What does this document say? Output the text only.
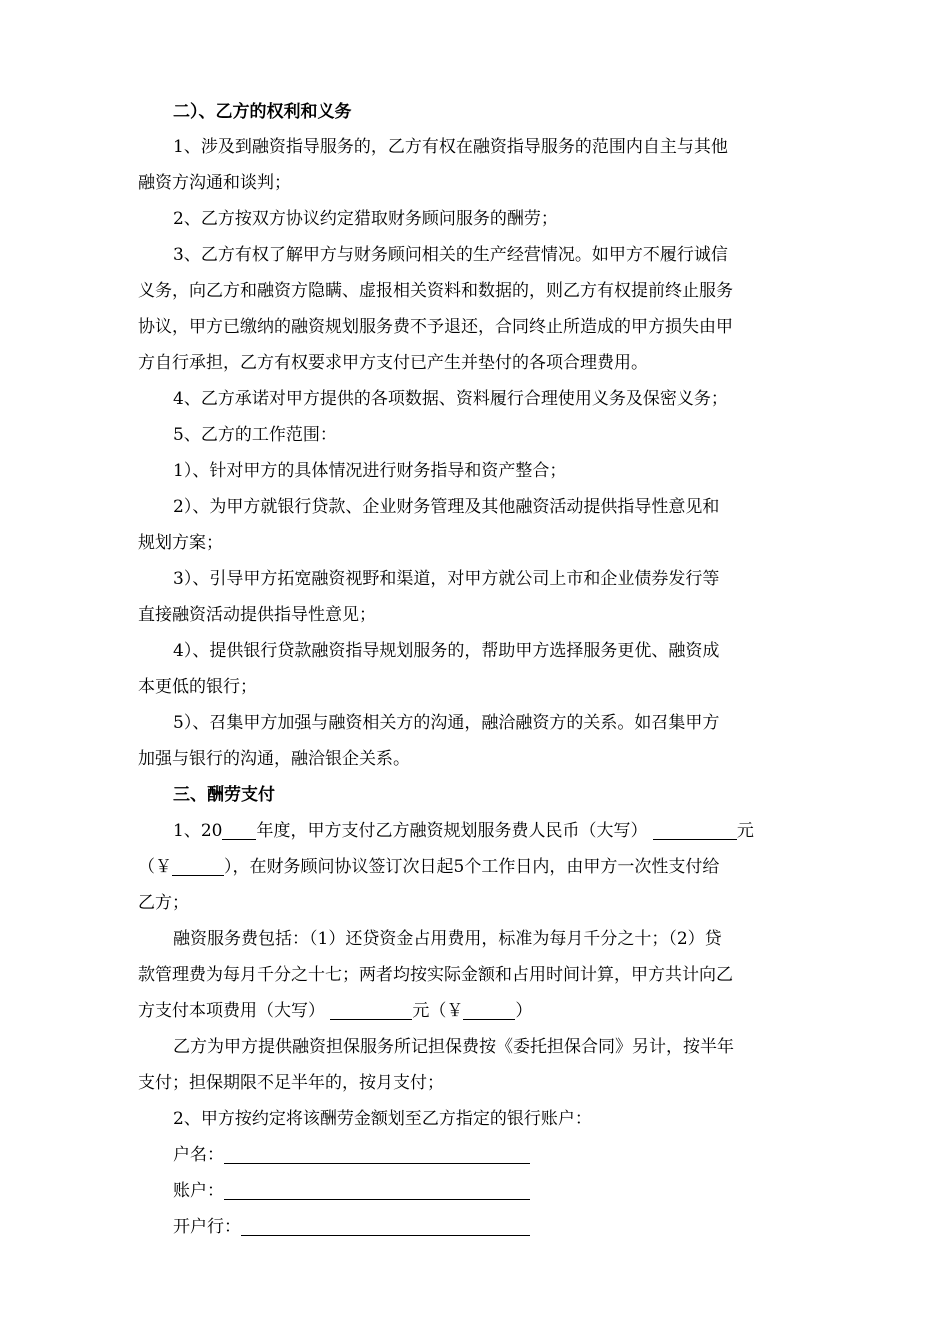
二）、乙方的权利和义务
1、涉及到融资指导服务的，乙方有权在融资指导服务的范围内自主与其他
融资方沟通和谈判；
2、乙方按双方协议约定猎取财务顾问服务的酬劳；
3、乙方有权了解甲方与财务顾问相关的生产经营情况。如甲方不履行诚信
义务，向乙方和融资方隐瞒、虚报相关资料和数据的，则乙方有权提前终止服务
协议，甲方已缴纳的融资规划服务费不予退还，合同终止所造成的甲方损失由甲
方自行承担，乙方有权要求甲方支付已产生并垫付的各项合理费用。
4、乙方承诺对甲方提供的各项数据、资料履行合理使用义务及保密义务；
5、乙方的工作范围：
1）、针对甲方的具体情况进行财务指导和资产整合；
2）、为甲方就银行贷款、企业财务管理及其他融资活动提供指导性意见和
规划方案；
3）、引导甲方拓宽融资视野和渠道，对甲方就公司上市和企业债券发行等
直接融资活动提供指导性意见；
4）、提供银行贷款融资指导规划服务的，帮助甲方选择服务更优、融资成
本更低的银行；
5）、召集甲方加强与融资相关方的沟通，融洽融资方的关系。如召集甲方
加强与银行的沟通，融洽银企关系。
三、酬劳支付
1、20 年度，甲方支付乙方融资规划服务费人民币（大写）	元
（￥	），在财务顾问协议签订次日起5个工作日内，由甲方一次性支付给
乙方；
融资服务费包括：（1）还贷资金占用费用，标准为每月千分之十；（2）贷
款管理费为每月千分之十七；两者均按实际金额和占用时间计算，甲方共计向乙
方支付本项费用（大写）	元（￥	）
乙方为甲方提供融资担保服务所记担保费按《委托担保合同》另计，按半年
支付；担保期限不足半年的，按月支付；
2、甲方按约定将该酬劳金额划至乙方指定的银行账户：
户名：
账户：
开户行：
